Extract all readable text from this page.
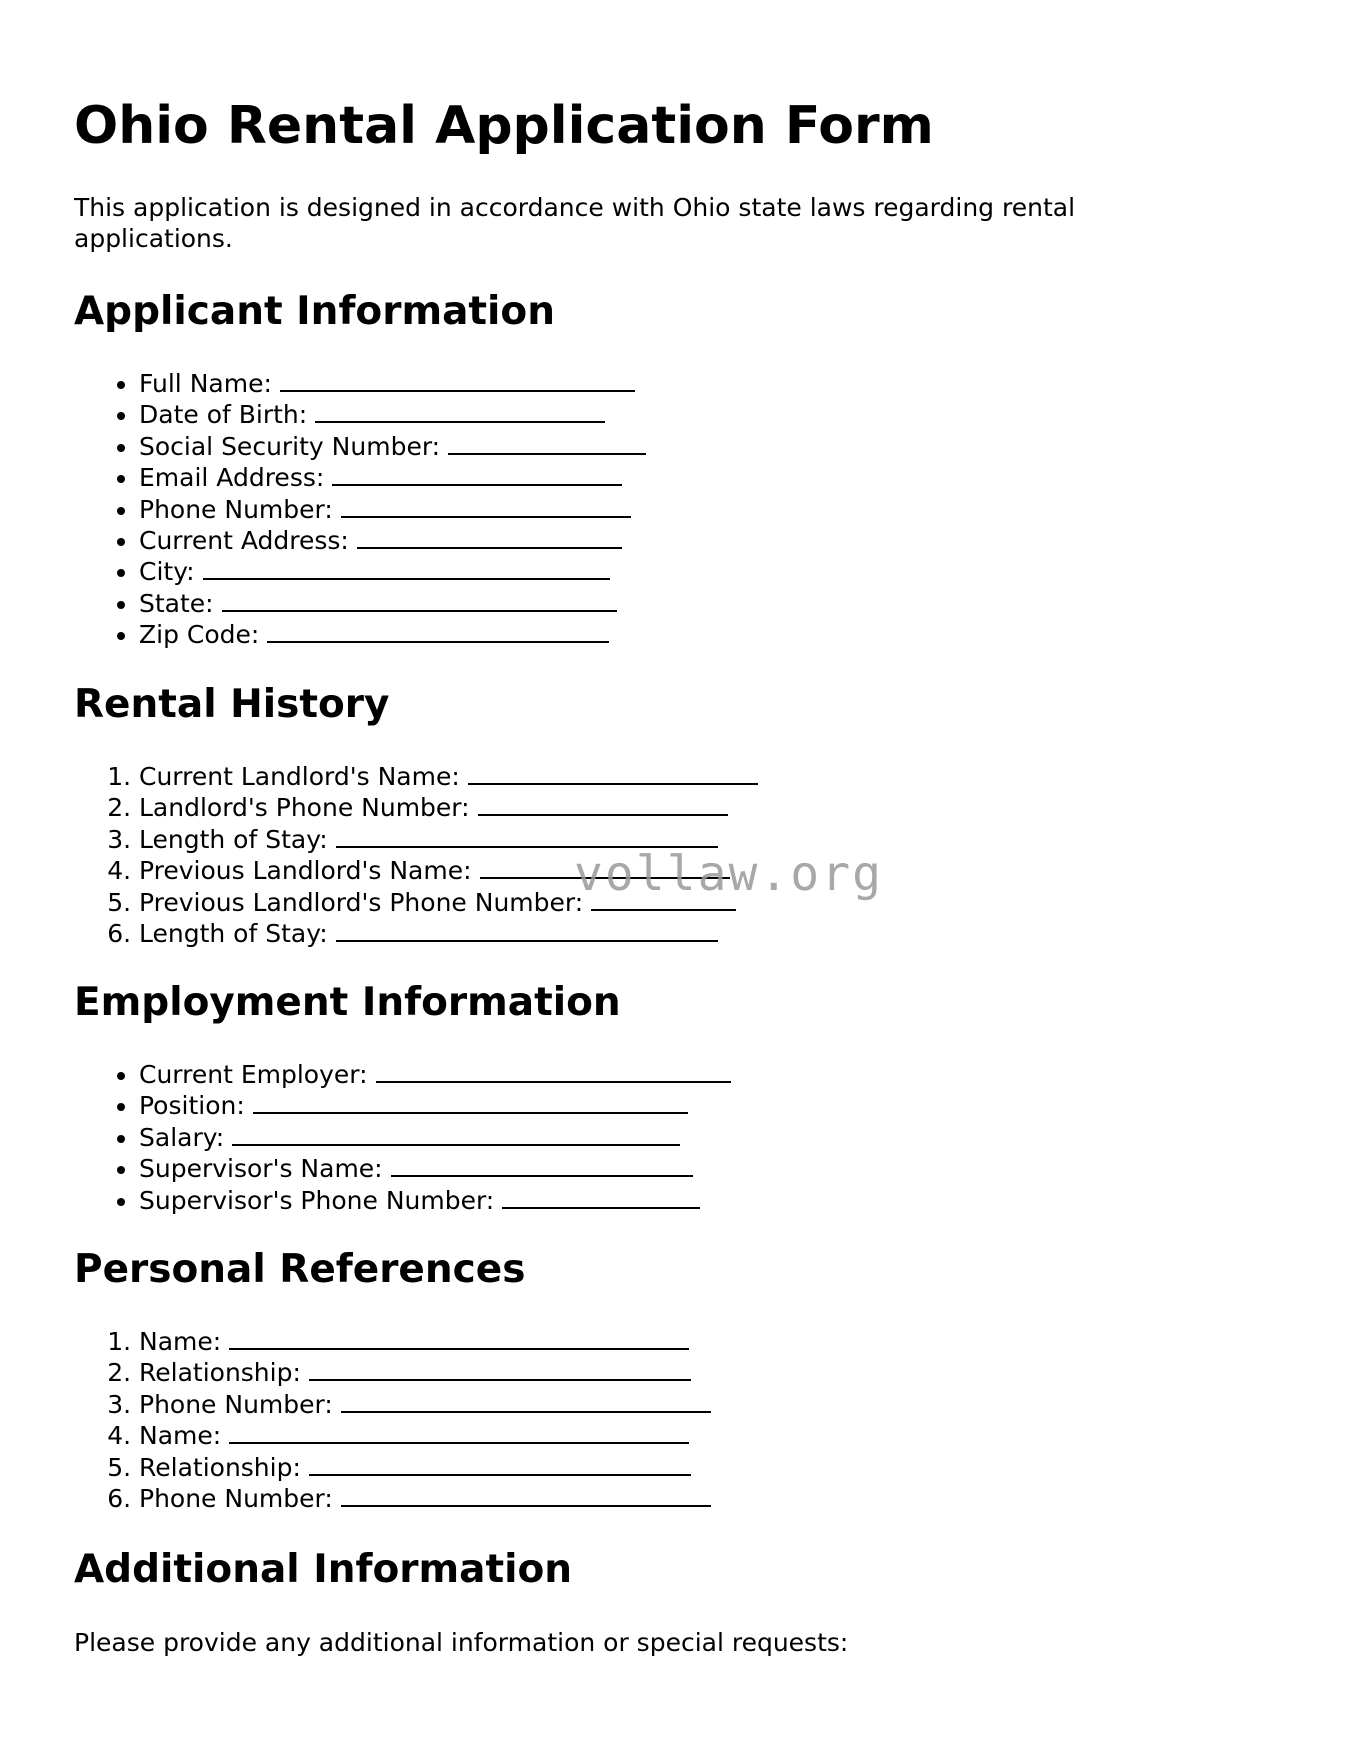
Ohio Rental Application Form

This application is designed in accordance with Ohio state laws regarding rental applications.

Applicant Information
• Full Name:
• Date of Birth:
• Social Security Number:
• Email Address:
• Phone Number:
• Current Address:
• City:
• State:
• Zip Code:
Rental History
1. Current Landlord's Name:
2. Landlord's Phone Number:
3. Length of Stay:
4. Previous Landlord's Name:
5. Previous Landlord's Phone Number:
6. Length of Stay:
Employment Information
• Current Employer:
• Position:
• Salary:
• Supervisor's Name:
• Supervisor's Phone Number:
Personal References
1. Name:
2. Relationship:
3. Phone Number:
4. Name:
5. Relationship:
6. Phone Number:
Additional Information

Please provide any additional information or special requests:

vollaw.org
